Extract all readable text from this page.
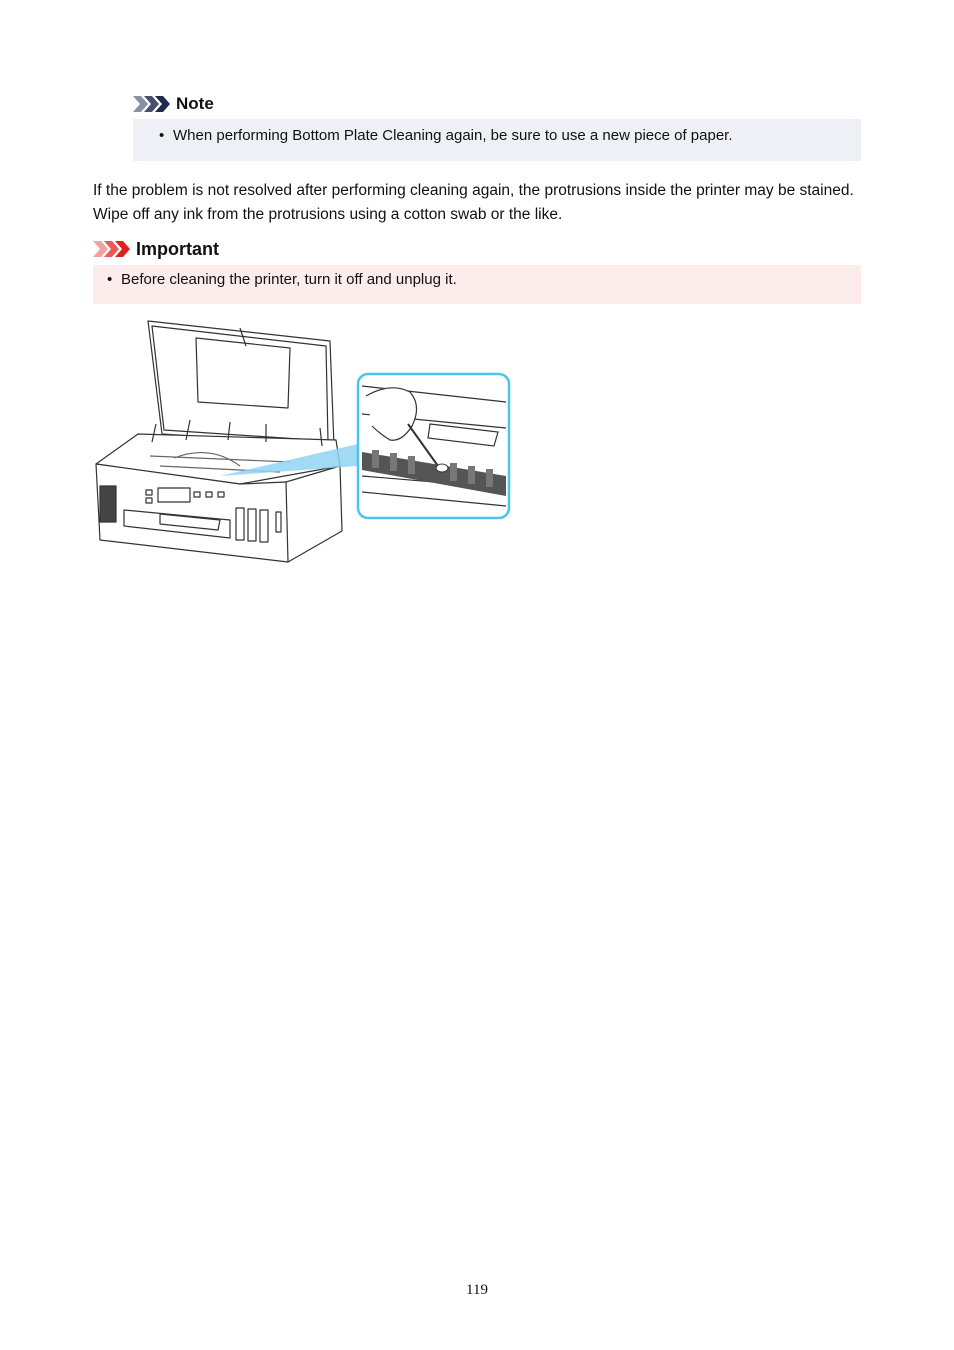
Note
• When performing Bottom Plate Cleaning again, be sure to use a new piece of paper.
If the problem is not resolved after performing cleaning again, the protrusions inside the printer may be stained. Wipe off any ink from the protrusions using a cotton swab or the like.
Important
• Before cleaning the printer, turn it off and unplug it.
119
